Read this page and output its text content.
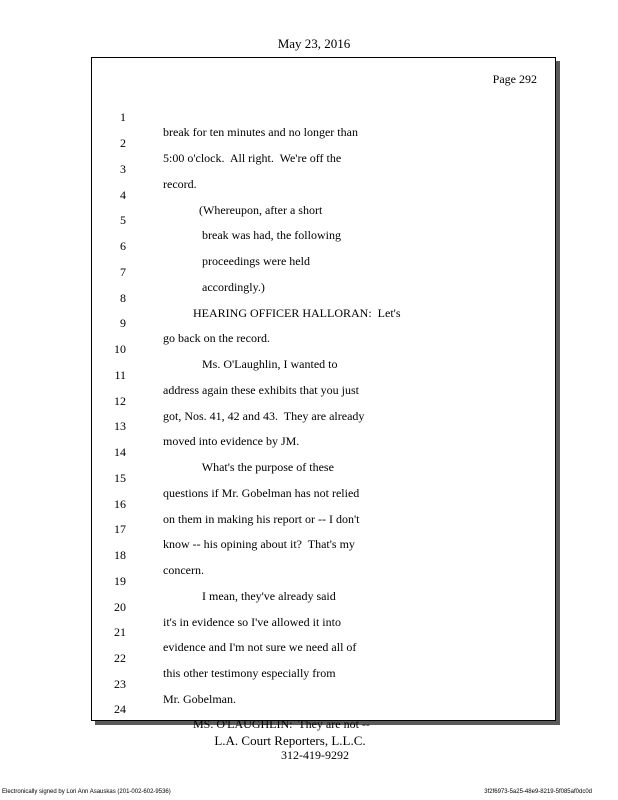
May 23, 2016
Page 292

1

break for ten minutes and no longer than

2

5:00 o'clock.  All right.  We're off the

3

record.

4

(Whereupon, after a short

5

break was had, the following

6

proceedings were held

7

accordingly.)

8

HEARING OFFICER HALLORAN:  Let's

9

go back on the record.

10

Ms. O'Laughlin, I wanted to

11

address again these exhibits that you just

12

got, Nos. 41, 42 and 43.  They are already

13

moved into evidence by JM.

14

What's the purpose of these

15

questions if Mr. Gobelman has not relied

16

on them in making his report or -- I don't

17

know -- his opining about it?  That's my

18

concern.

19

I mean, they've already said

20

it's in evidence so I've allowed it into

21

evidence and I'm not sure we need all of

22

this other testimony especially from

23

Mr. Gobelman.

24

MS. O'LAUGHLIN:  They are not --

L.A. Court Reporters, L.L.C.
312-419-9292
Electronically signed by Lori Ann Asauskas (201-002-602-9536)	3f2f6973-5a25-48e9-8219-5f085af0dc0d
